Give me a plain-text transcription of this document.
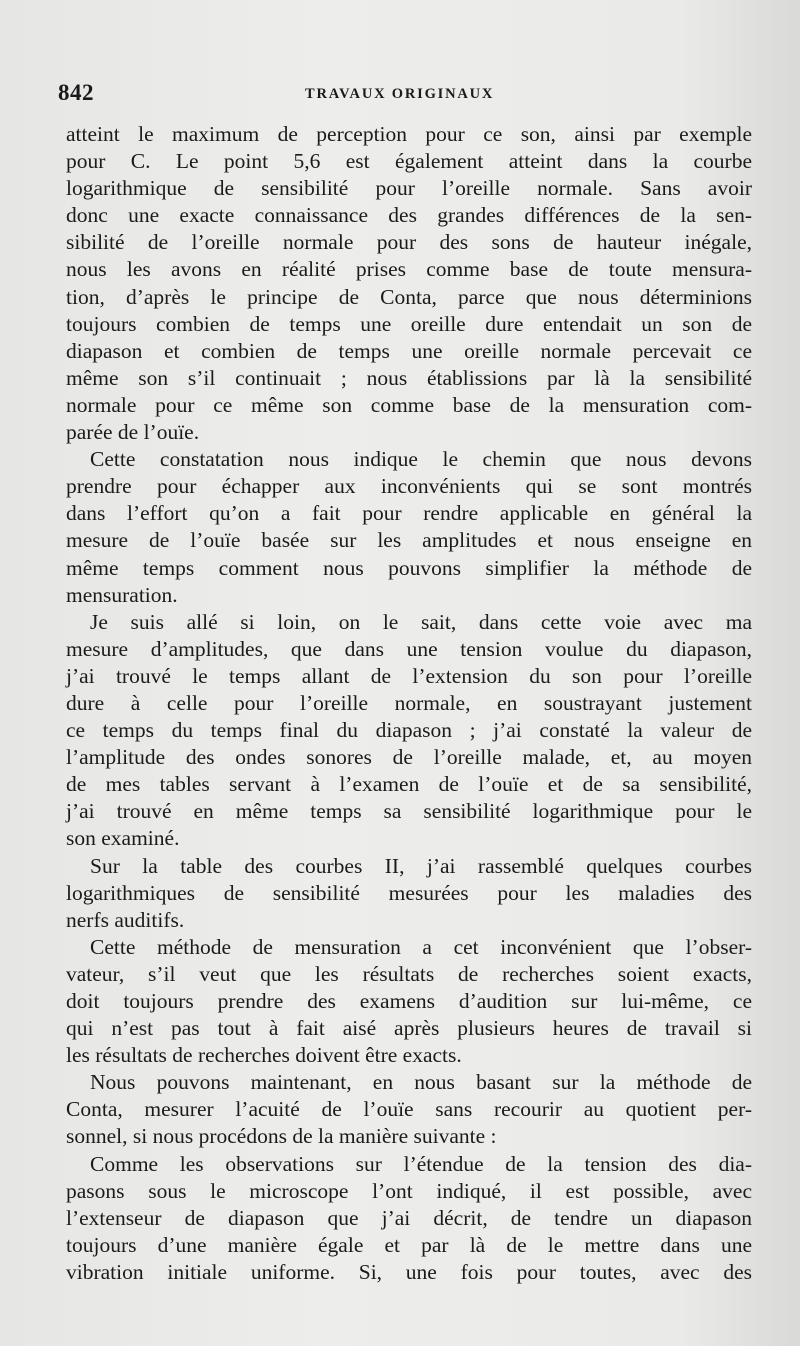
842	TRAVAUX ORIGINAUX
atteint le maximum de perception pour ce son, ainsi par exemple
pour C. Le point 5,6 est également atteint dans la courbe
logarithmique de sensibilité pour l’oreille normale. Sans avoir
donc une exacte connaissance des grandes différences de la sen-
sibilité de l’oreille normale pour des sons de hauteur inégale,
nous les avons en réalité prises comme base de toute mensura-
tion, d’après le principe de Conta, parce que nous déterminions
toujours combien de temps une oreille dure entendait un son de
diapason et combien de temps une oreille normale percevait ce
même son s’il continuait ; nous établissions par là la sensibilité
normale pour ce même son comme base de la mensuration com-
parée de l’ouïe.
Cette constatation nous indique le chemin que nous devons
prendre pour échapper aux inconvénients qui se sont montrés
dans l’effort qu’on a fait pour rendre applicable en général la
mesure de l’ouïe basée sur les amplitudes et nous enseigne en
même temps comment nous pouvons simplifier la méthode de
mensuration.
Je suis allé si loin, on le sait, dans cette voie avec ma
mesure d’amplitudes, que dans une tension voulue du diapason,
j’ai trouvé le temps allant de l’extension du son pour l’oreille
dure à celle pour l’oreille normale, en soustrayant justement
ce temps du temps final du diapason ; j’ai constaté la valeur de
l’amplitude des ondes sonores de l’oreille malade, et, au moyen
de mes tables servant à l’examen de l’ouïe et de sa sensibilité,
j’ai trouvé en même temps sa sensibilité logarithmique pour le
son examiné.
Sur la table des courbes II, j’ai rassemblé quelques courbes
logarithmiques de sensibilité mesurées pour les maladies des
nerfs auditifs.
Cette méthode de mensuration a cet inconvénient que l’obser-
vateur, s’il veut que les résultats de recherches soient exacts,
doit toujours prendre des examens d’audition sur lui-même, ce
qui n’est pas tout à fait aisé après plusieurs heures de travail si
les résultats de recherches doivent être exacts.
Nous pouvons maintenant, en nous basant sur la méthode de
Conta, mesurer l’acuité de l’ouïe sans recourir au quotient per-
sonnel, si nous procédons de la manière suivante :
Comme les observations sur l’étendue de la tension des dia-
pasons sous le microscope l’ont indiqué, il est possible, avec
l’extenseur de diapason que j’ai décrit, de tendre un diapason
toujours d’une manière égale et par là de le mettre dans une
vibration initiale uniforme. Si, une fois pour toutes, avec des
